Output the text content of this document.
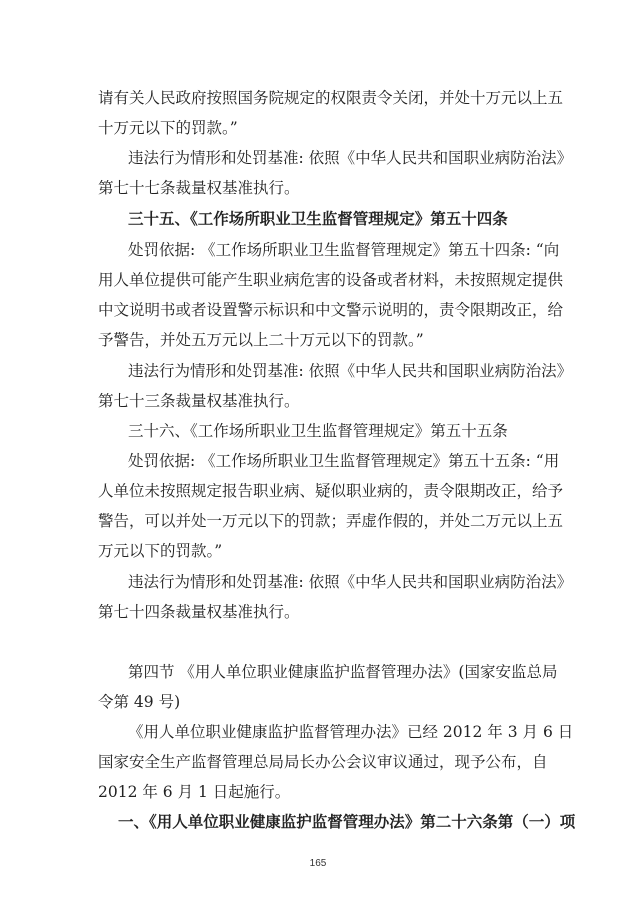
请有关人民政府按照国务院规定的权限责令关闭，并处十万元以上五
十万元以下的罚款。”
违法行为情形和处罚基准: 依照《中华人民共和国职业病防治法》
第七十七条裁量权基准执行。
三十五、《工作场所职业卫生监督管理规定》第五十四条
处罚依据: 《工作场所职业卫生监督管理规定》第五十四条: “向
用人单位提供可能产生职业病危害的设备或者材料，未按照规定提供
中文说明书或者设置警示标识和中文警示说明的，责令限期改正，给
予警告，并处五万元以上二十万元以下的罚款。”
违法行为情形和处罚基准: 依照《中华人民共和国职业病防治法》
第七十三条裁量权基准执行。
三十六、《工作场所职业卫生监督管理规定》第五十五条
处罚依据: 《工作场所职业卫生监督管理规定》第五十五条: “用
人单位未按照规定报告职业病、疑似职业病的，责令限期改正，给予
警告，可以并处一万元以下的罚款；弄虚作假的，并处二万元以上五
万元以下的罚款。”
违法行为情形和处罚基准: 依照《中华人民共和国职业病防治法》
第七十四条裁量权基准执行。
第四节 《用人单位职业健康监护监督管理办法》(国家安监总局
令第 49 号)
《用人单位职业健康监护监督管理办法》已经 2012 年 3 月 6 日
国家安全生产监督管理总局局长办公会议审议通过，现予公布，自
2012 年 6 月 1 日起施行。
一、《用人单位职业健康监护监督管理办法》第二十六条第（一）项
165
